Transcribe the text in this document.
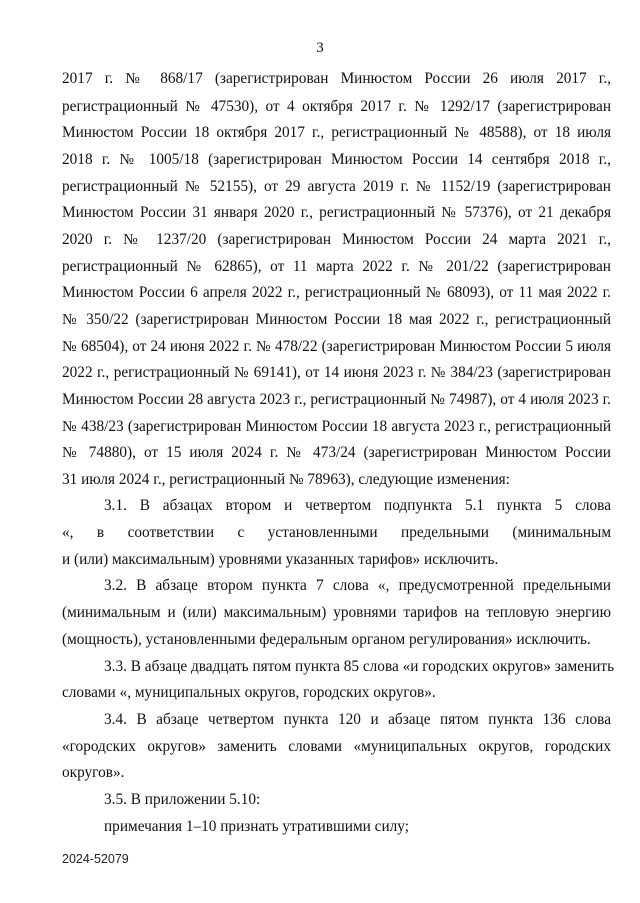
3
2017 г. № 868/17 (зарегистрирован Минюстом России 26 июля 2017 г.,
регистрационный № 47530), от 4 октября 2017 г. № 1292/17 (зарегистрирован
Минюстом России 18 октября 2017 г., регистрационный № 48588), от 18 июля
2018 г. № 1005/18 (зарегистрирован Минюстом России 14 сентября 2018 г.,
регистрационный № 52155), от 29 августа 2019 г. № 1152/19 (зарегистрирован
Минюстом России 31 января 2020 г., регистрационный № 57376), от 21 декабря
2020 г. № 1237/20 (зарегистрирован Минюстом России 24 марта 2021 г.,
регистрационный № 62865), от 11 марта 2022 г. № 201/22 (зарегистрирован
Минюстом России 6 апреля 2022 г., регистрационный № 68093), от 11 мая 2022 г.
№ 350/22 (зарегистрирован Минюстом России 18 мая 2022 г., регистрационный
№ 68504), от 24 июня 2022 г. № 478/22 (зарегистрирован Минюстом России 5 июля
2022 г., регистрационный № 69141), от 14 июня 2023 г. № 384/23 (зарегистрирован
Минюстом России 28 августа 2023 г., регистрационный № 74987), от 4 июля 2023 г.
№ 438/23 (зарегистрирован Минюстом России 18 августа 2023 г., регистрационный
№ 74880), от 15 июля 2024 г. № 473/24 (зарегистрирован Минюстом России
31 июля 2024 г., регистрационный № 78963), следующие изменения:
3.1. В абзацах втором и четвертом подпункта 5.1 пункта 5 слова
«, в соответствии с установленными предельными (минимальным
и (или) максимальным) уровнями указанных тарифов» исключить.
3.2. В абзаце втором пункта 7 слова «, предусмотренной предельными
(минимальным и (или) максимальным) уровнями тарифов на тепловую энергию
(мощность), установленными федеральным органом регулирования» исключить.
3.3. В абзаце двадцать пятом пункта 85 слова «и городских округов» заменить
словами «, муниципальных округов, городских округов».
3.4. В абзаце четвертом пункта 120 и абзаце пятом пункта 136 слова
«городских округов» заменить словами «муниципальных округов, городских
округов».
3.5. В приложении 5.10:
примечания 1–10 признать утратившими силу;
2024-52079
